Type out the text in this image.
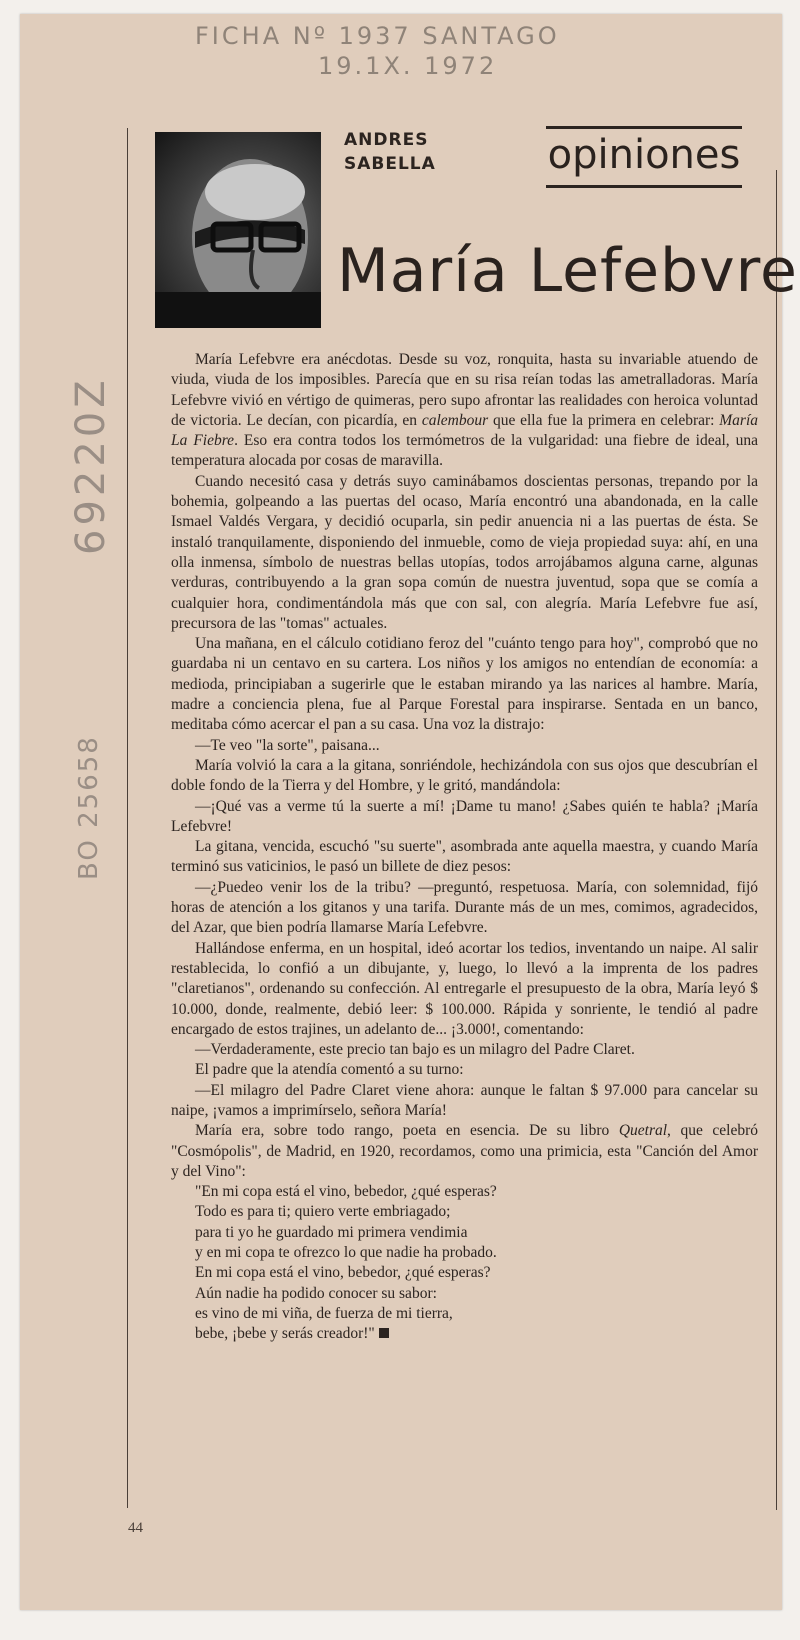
FICHA Nº 1937 SANTAGO
19.1X. 1972
69220Z
BO 25658
ANDRES
SABELLA	opiniones
María Lefebvre

María Lefebvre era anécdotas. Desde su voz, ronquita, hasta su invariable atuendo de viuda, viuda de los imposibles. Parecía que en su risa reían todas las ametralladoras. María Lefebvre vivió en vértigo de quimeras, pero supo afrontar las realidades con heroica voluntad de victoria. Le decían, con picardía, en calembour que ella fue la primera en celebrar: María La Fiebre. Eso era contra todos los termómetros de la vulgaridad: una fiebre de ideal, una temperatura alocada por cosas de maravilla.

Cuando necesitó casa y detrás suyo caminábamos doscientas personas, trepando por la bohemia, golpeando a las puertas del ocaso, María encontró una abandonada, en la calle Ismael Valdés Vergara, y decidió ocuparla, sin pedir anuencia ni a las puertas de ésta. Se instaló tranquilamente, disponiendo del inmueble, como de vieja propiedad suya: ahí, en una olla inmensa, símbolo de nuestras bellas utopías, todos arrojábamos alguna carne, algunas verduras, contribuyendo a la gran sopa común de nuestra juventud, sopa que se comía a cualquier hora, condimentándola más que con sal, con alegría. María Lefebvre fue así, precursora de las "tomas" actuales.

Una mañana, en el cálculo cotidiano feroz del "cuánto tengo para hoy", comprobó que no guardaba ni un centavo en su cartera. Los niños y los amigos no entendían de economía: a medioda, principiaban a sugerirle que le estaban mirando ya las narices al hambre. María, madre a conciencia plena, fue al Parque Forestal para inspirarse. Sentada en un banco, meditaba cómo acercar el pan a su casa. Una voz la distrajo:

—Te veo "la sorte", paisana...

María volvió la cara a la gitana, sonriéndole, hechizándola con sus ojos que descubrían el doble fondo de la Tierra y del Hombre, y le gritó, mandándola:

—¡Qué vas a verme tú la suerte a mí! ¡Dame tu mano! ¿Sabes quién te habla? ¡María Lefebvre!

La gitana, vencida, escuchó "su suerte", asombrada ante aquella maestra, y cuando María terminó sus vaticinios, le pasó un billete de diez pesos:

—¿Puedeo venir los de la tribu? —preguntó, respetuosa. María, con solemnidad, fijó horas de atención a los gitanos y una tarifa. Durante más de un mes, comimos, agradecidos, del Azar, que bien podría llamarse María Lefebvre.

Hallándose enferma, en un hospital, ideó acortar los tedios, inventando un naipe. Al salir restablecida, lo confió a un dibujante, y, luego, lo llevó a la imprenta de los padres "claretianos", ordenando su confección. Al entregarle el presupuesto de la obra, María leyó $ 10.000, donde, realmente, debió leer: $ 100.000. Rápida y sonriente, le tendió al padre encargado de estos trajines, un adelanto de... ¡3.000!, comentando:

—Verdaderamente, este precio tan bajo es un milagro del Padre Claret.

El padre que la atendía comentó a su turno:

—El milagro del Padre Claret viene ahora: aunque le faltan $ 97.000 para cancelar su naipe, ¡vamos a imprimírselo, señora María!

María era, sobre todo rango, poeta en esencia. De su libro Quetral, que celebró "Cosmópolis", de Madrid, en 1920, recordamos, como una primicia, esta "Canción del Amor y del Vino":

"En mi copa está el vino, bebedor, ¿qué esperas?
Todo es para ti; quiero verte embriagado;
para ti yo he guardado mi primera vendimia
y en mi copa te ofrezco lo que nadie ha probado.
En mi copa está el vino, bebedor, ¿qué esperas?
Aún nadie ha podido conocer su sabor:
es vino de mi viña, de fuerza de mi tierra,
bebe, ¡bebe y serás creador!"
44
